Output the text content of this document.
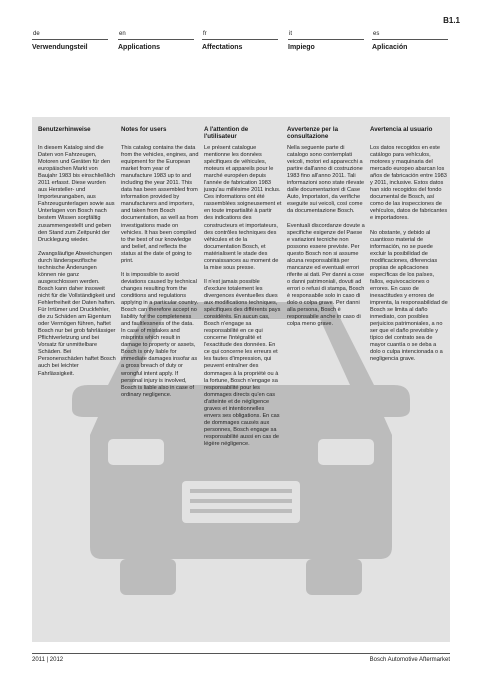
B1.1
de
Verwendungsteil
en
Applications
fr
Affectations
it
Impiego
es
Aplicación
Benutzerhinweise

In diesem Katalog sind die Daten von Fahrzeugen, Motoren und Geräten für den europäischen Markt von Baujahr 1983 bis einschließlich 2011 erfasst. Diese wurden aus Hersteller- und Importeurangaben, aus Fahrzeugunterlagen sowie aus Unterlagen von Bosch nach bestem Wissen sorgfältig zusammengestellt und geben den Stand zum Zeitpunkt der Drucklegung wieder.

Zwangsläufige Abweichungen durch länderspezifische technische Änderungen können nie ganz ausgeschlossen werden. Bosch kann daher insoweit nicht für die Vollständigkeit und Fehlerfreiheit der Daten haften. Für Irrtümer und Druckfehler, die zu Schäden am Eigentum oder Vermögen führen, haftet Bosch nur bei grob fahrlässiger Pflichtverletzung und bei Vorsatz für unmittelbare Schäden. Bei Personenschäden haftet Bosch auch bei leichter Fahrlässigkeit.

Notes for users

This catalog contains the data from the vehicles, engines, and equipment for the European market from year of manufacture 1983 up to and including the year 2011. This data has been assembled from information provided by manufacturers and importers, and taken from Bosch documentation, as well as from investigations made on vehicles. It has been compiled to the best of our knowledge and belief, and reflects the status at the date of going to print.

It is impossible to avoid deviations caused by technical changes resulting from the conditions and regulations applying in a particular country. Bosch can therefore accept no liability for the completeness and faultlessness of the data. In case of mistakes and misprints which result in damage to property or assets, Bosch is only liable for immediate damages insofar as a gross breach of duty or wrongful intent apply. If personal injury is involved, Bosch is liable also in case of ordinary negligence.

A l'attention de l'utilisateur

Le présent catalogue mentionne les données spécifiques de véhicules, moteurs et appareils pour le marché européen depuis l'année de fabrication 1983 jusqu'au millésime 2011 inclus. Ces informations ont été rassemblées soigneusement et en toute impartialité à partir des indications des constructeurs et importateurs, des contrôles techniques des véhicules et de la documentation Bosch, et matérialisent le stade des connaissances au moment de la mise sous presse.

Il n'est jamais possible d'exclure totalement les divergences éventuelles dues aux modifications techniques, spécifiques des différents pays considérés. En aucun cas, Bosch n'engage sa responsabilité en ce qui concerne l'intégralité et l'exactitude des données. En ce qui concerne les erreurs et les fautes d'impression, qui peuvent entraîner des dommages à la propriété ou à la fortune, Bosch n'engage sa responsabilité pour les dommages directs qu'en cas d'atteinte et de négligence graves et intentionnelles envers ses obligations. En cas de dommages causés aux personnes, Bosch engage sa responsabilité aussi en cas de légère négligence.

Avvertenze per la consultazione

Nella seguente parte di catalogo sono contemplati veicoli, motori ed apparecchi a partire dall'anno di costruzione 1983 fino all'anno 2011. Tali informazioni sono state rilevate dalle documentazioni di Case Auto, Importatori, da verifiche eseguite sui veicoli, così come da documentazione Bosch.

Eventuali discordanze dovute a specifiche esigenze del Paese e variazioni tecniche non possono essere previste. Per questo Bosch non si assume alcuna responsabilità per mancanze ed eventuali errori riferite ai dati. Per danni a cose o danni patrimoniali, dovuti ad errori o refusi di stampa, Bosch è responsabile solo in caso di dolo o colpa grave. Per danni alla persona, Bosch è responsabile anche in caso di colpa meno grave.

Avertencia al usuario

Los datos recogidos en este catálogo para vehículos, motores y maquinaria del mercado europeo abarcan los años de fabricación entre 1983 y 2011, inclusive. Estos datos han sido recogidos del fondo documental de Bosch, así como de las inspecciones de vehículos, datos de fabricantes e importadores.

No obstante, y debido al cuantioso material de información, no se puede excluir la posibilidad de modificaciones, diferencias propias de aplicaciones específicas de los países, fallos, equivocaciones o errores. En caso de inexactitudes y errores de imprenta, la responsabilidad de Bosch se limita al daño inmediato, con posibles perjuicios patrimoniales, a no ser que el daño previsible y típico del contrato sea de mayor cuantía o se deba a dolo o culpa intencionada o a negligencia grave.

2011 | 2012	Bosch Automotive Aftermarket
